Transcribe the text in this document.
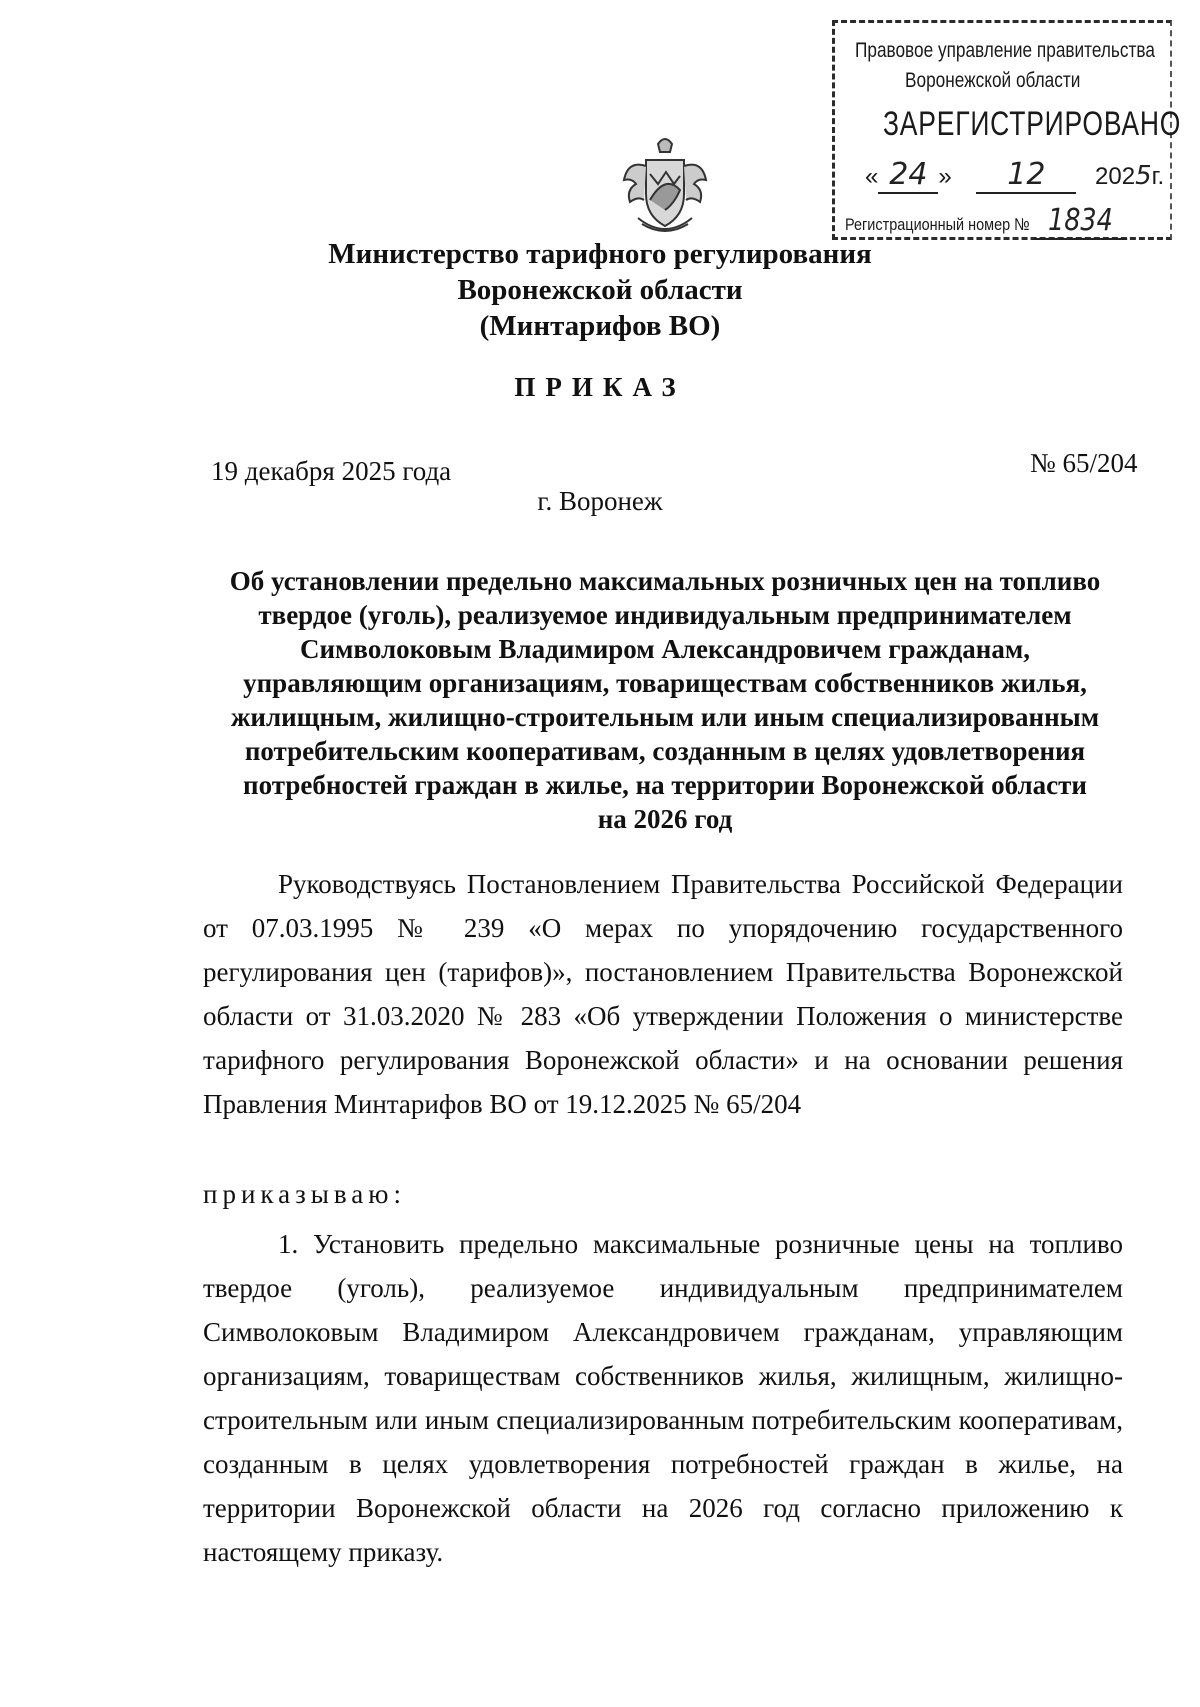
Правовое управление правительства
Воронежской области
ЗАРЕГИСТРИРОВАНО
« 24 » 12 2025г.
Регистрационный номер № 1834
Министерство тарифного регулирования
Воронежской области
(Минтарифов ВО)
ПРИКАЗ
19 декабря 2025 года	№ 65/204
г. Воронеж
Об установлении предельно максимальных розничных цен на топливо
твердое (уголь), реализуемое индивидуальным предпринимателем
Символоковым Владимиром Александровичем гражданам,
управляющим организациям, товариществам собственников жилья,
жилищным, жилищно-строительным или иным специализированным
потребительским кооперативам, созданным в целях удовлетворения
потребностей граждан в жилье, на территории Воронежской области
на 2026 год
Руководствуясь Постановлением Правительства Российской Федерации от 07.03.1995 № 239 «О мерах по упорядочению государственного регулирования цен (тарифов)», постановлением Правительства Воронежской области от 31.03.2020 № 283 «Об утверждении Положения о министерстве тарифного регулирования Воронежской области» и на основании решения Правления Минтарифов ВО от 19.12.2025 № 65/204
приказываю:
1. Установить предельно максимальные розничные цены на топливо твердое (уголь), реализуемое индивидуальным предпринимателем Символоковым Владимиром Александровичем гражданам, управляющим организациям, товариществам собственников жилья, жилищным, жилищно-строительным или иным специализированным потребительским кооперативам, созданным в целях удовлетворения потребностей граждан в жилье, на территории Воронежской области на 2026 год согласно приложению к настоящему приказу.
